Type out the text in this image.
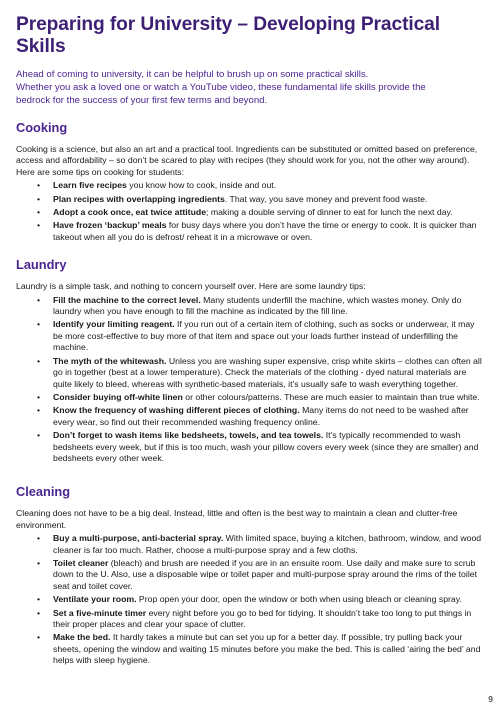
Preparing for University – Developing Practical Skills
Ahead of coming to university, it can be helpful to brush up on some practical skills.
Whether you ask a loved one or watch a YouTube video, these fundamental life skills provide the
bedrock for the success of your first few terms and beyond.
Cooking

Cooking is a science, but also an art and a practical tool. Ingredients can be substituted or omitted based on preference, access and affordability – so don’t be scared to play with recipes (they should work for you, not the other way around). Here are some tips on cooking for students:

• Learn five recipes you know how to cook, inside and out.
• Plan recipes with overlapping ingredients. That way, you save money and prevent food waste.
• Adopt a cook once, eat twice attitude; making a double serving of dinner to eat for lunch the next day.
• Have frozen ‘backup’ meals for busy days where you don’t have the time or energy to cook. It is quicker than takeout when all you do is defrost/ reheat it in a microwave or oven.
Laundry

Laundry is a simple task, and nothing to concern yourself over. Here are some laundry tips:

• Fill the machine to the correct level. Many students underfill the machine, which wastes money. Only do laundry when you have enough to fill the machine as indicated by the fill line.
• Identify your limiting reagent. If you run out of a certain item of clothing, such as socks or underwear, it may be more cost-effective to buy more of that item and space out your loads further instead of underfilling the machine.
• The myth of the whitewash. Unless you are washing super expensive, crisp white skirts – clothes can often all go in together (best at a lower temperature). Check the materials of the clothing - dyed natural materials are quite likely to bleed, whereas with synthetic-based materials, it’s usually safe to wash everything together.
• Consider buying off-white linen or other colours/patterns. These are much easier to maintain than true white.
• Know the frequency of washing different pieces of clothing. Many items do not need to be washed after every wear, so find out their recommended washing frequency online.
• Don’t forget to wash items like bedsheets, towels, and tea towels. It’s typically recommended to wash bedsheets every week, but if this is too much, wash your pillow covers every week (since they are smaller) and bedsheets every other week.
Cleaning

Cleaning does not have to be a big deal. Instead, little and often is the best way to maintain a clean and clutter-free environment.

• Buy a multi-purpose, anti-bacterial spray. With limited space, buying a kitchen, bathroom, window, and wood cleaner is far too much. Rather, choose a multi-purpose spray and a few cloths.
• Toilet cleaner (bleach) and brush are needed if you are in an ensuite room. Use daily and make sure to scrub down to the U. Also, use a disposable wipe or toilet paper and multi-purpose spray around the rims of the toilet seat and toilet cover.
• Ventilate your room. Prop open your door, open the window or both when using bleach or cleaning spray.
• Set a five-minute timer every night before you go to bed for tidying. It shouldn’t take too long to put things in their proper places and clear your space of clutter.
• Make the bed. It hardly takes a minute but can set you up for a better day. If possible, try pulling back your sheets, opening the window and waiting 15 minutes before you make the bed. This is called ‘airing the bed’ and helps with sleep hygiene.
9
